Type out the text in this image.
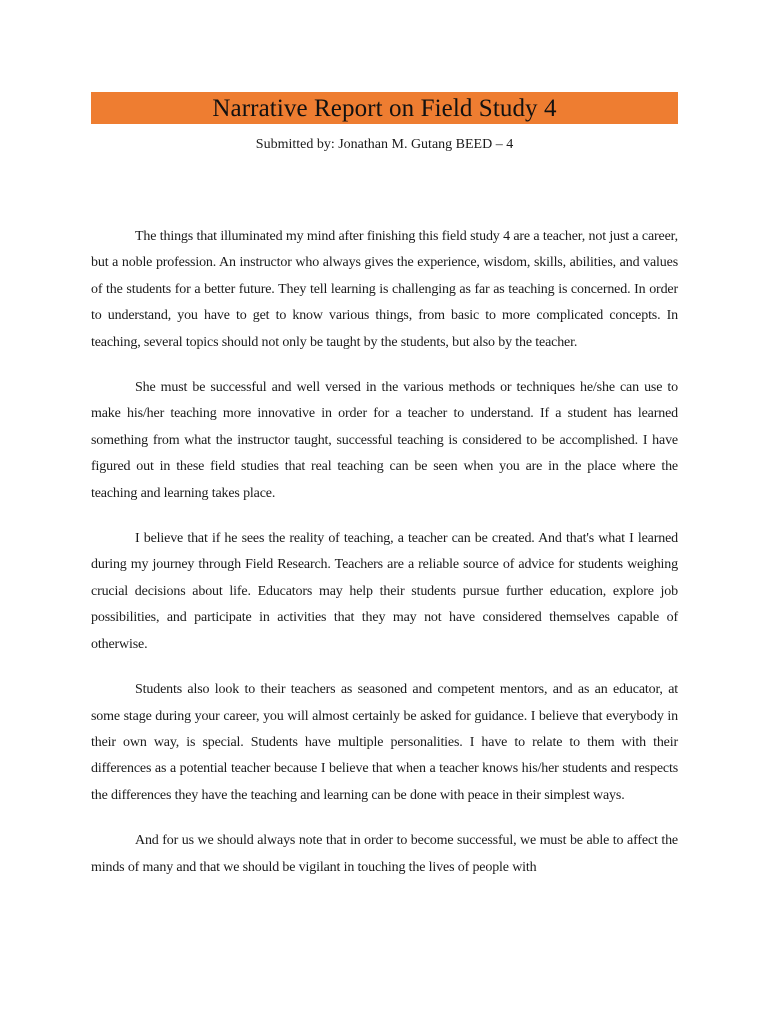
Narrative Report on Field Study 4

Submitted by: Jonathan M. Gutang BEED – 4

The things that illuminated my mind after finishing this field study 4 are a teacher, not just a career, but a noble profession. An instructor who always gives the experience, wisdom, skills, abilities, and values of the students for a better future. They tell learning is challenging as far as teaching is concerned. In order to understand, you have to get to know various things, from basic to more complicated concepts. In teaching, several topics should not only be taught by the students, but also by the teacher.

She must be successful and well versed in the various methods or techniques he/she can use to make his/her teaching more innovative in order for a teacher to understand. If a student has learned something from what the instructor taught, successful teaching is considered to be accomplished. I have figured out in these field studies that real teaching can be seen when you are in the place where the teaching and learning takes place.

I believe that if he sees the reality of teaching, a teacher can be created. And that's what I learned during my journey through Field Research. Teachers are a reliable source of advice for students weighing crucial decisions about life. Educators may help their students pursue further education, explore job possibilities, and participate in activities that they may not have considered themselves capable of otherwise.

Students also look to their teachers as seasoned and competent mentors, and as an educator, at some stage during your career, you will almost certainly be asked for guidance. I believe that everybody in their own way, is special. Students have multiple personalities. I have to relate to them with their differences as a potential teacher because I believe that when a teacher knows his/her students and respects the differences they have the teaching and learning can be done with peace in their simplest ways.

And for us we should always note that in order to become successful, we must be able to affect the minds of many and that we should be vigilant in touching the lives of people with
